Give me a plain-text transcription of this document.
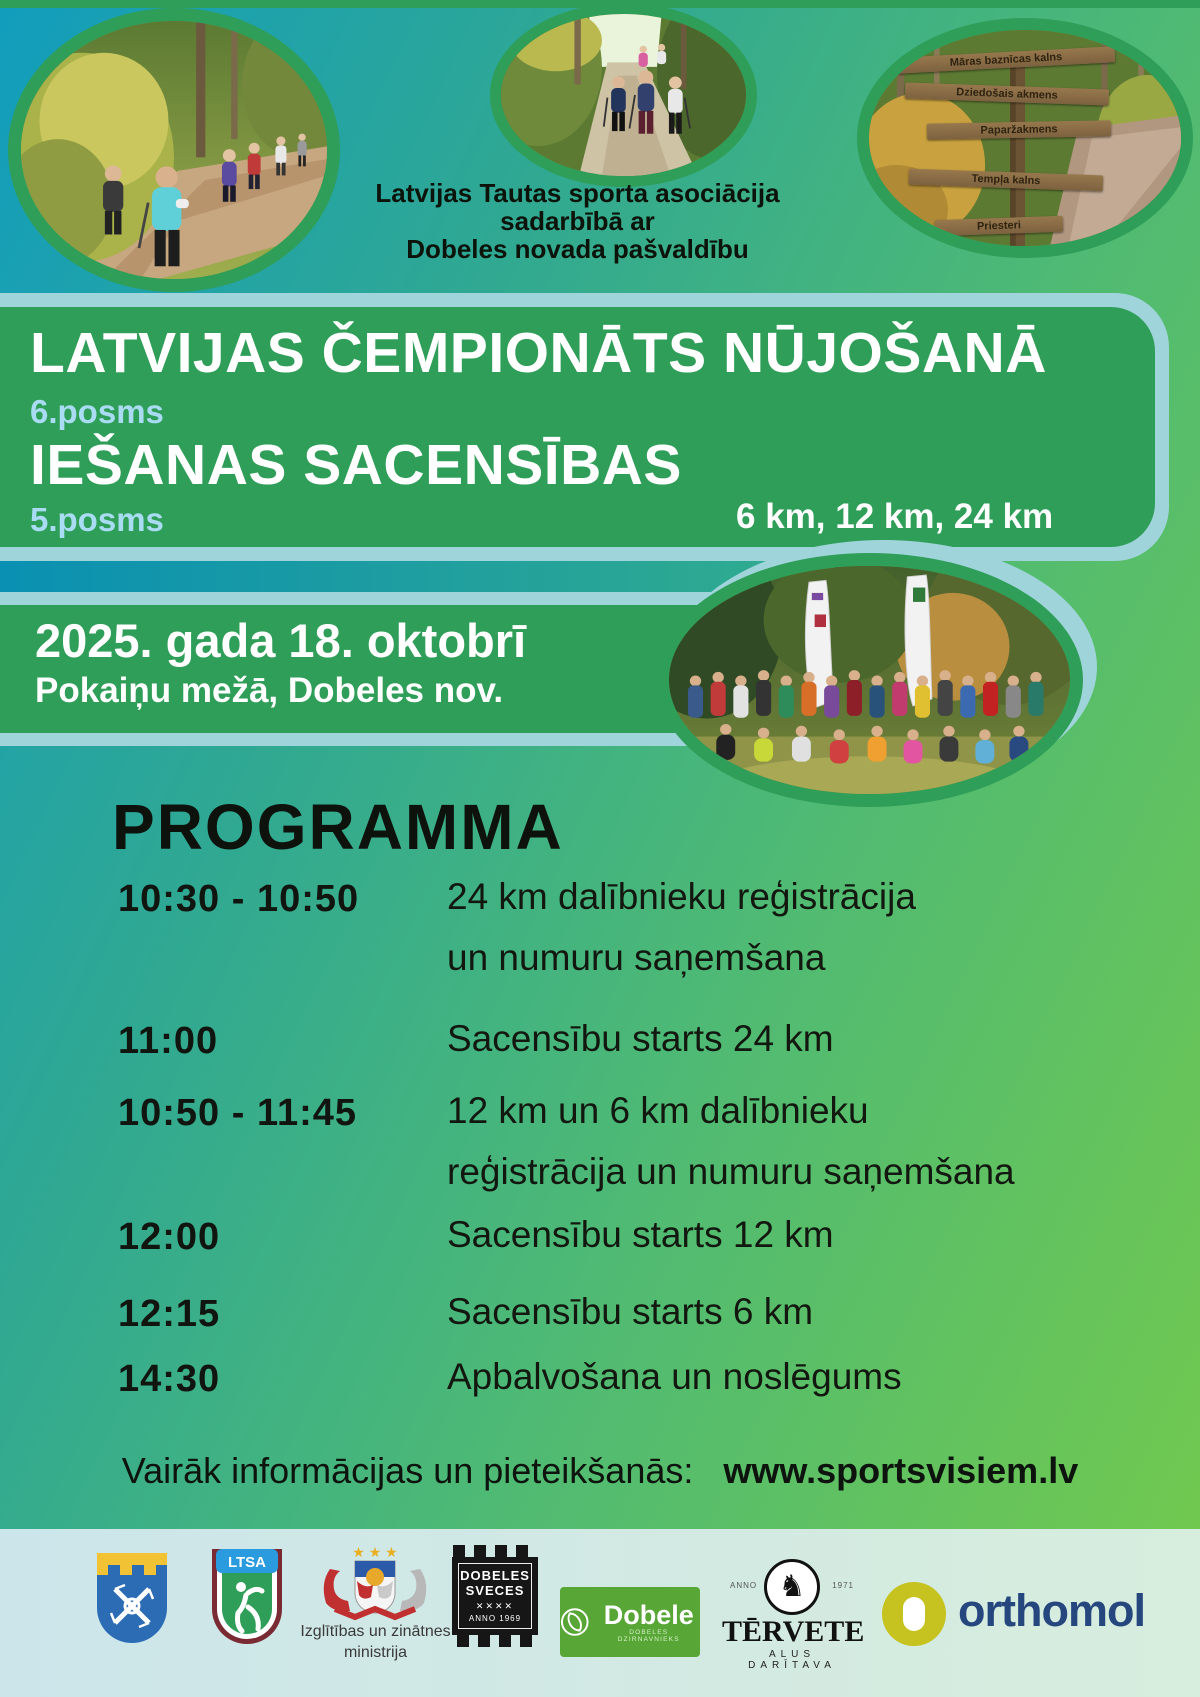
Māras baznīcas kalns
Dziedošais akmens
Paparžakmens
Tempļa kalns
Priesteri
Latvijas Tautas sporta asociācija
sadarbībā ar
Dobeles novada pašvaldību
LATVIJAS ČEMPIONĀTS NŪJOŠANĀ
6.posms
IEŠANAS SACENSĪBAS
5.posms	6 km, 12 km, 24 km
2025. gada 18. oktobrī
Pokaiņu mežā, Dobeles nov.
PROGRAMMA
10:30 - 10:50 24 km dalībnieku reģistrācija
un numuru saņemšana
11:00	Sacensību starts 24 km
10:50 - 11:45 12 km un 6 km dalībnieku
reģistrācija un numuru saņemšana
12:00	Sacensību starts 12 km
12:15	Sacensību starts 6 km
14:30	Apbalvošana un noslēgums
Vairāk informācijas un pieteikšanās: www.sportsvisiem.lv
LTSA
★ ★ ★
Izglītības un zinātnes
ministrija
DOBELES
SVECES
✕✕✕✕
ANNO 1969	Dobele
DOBELES DZIRNAVNIEKS
ANNO	1971
♞
TĒRVETE
ALUS DARĪTAVA
orthomol
